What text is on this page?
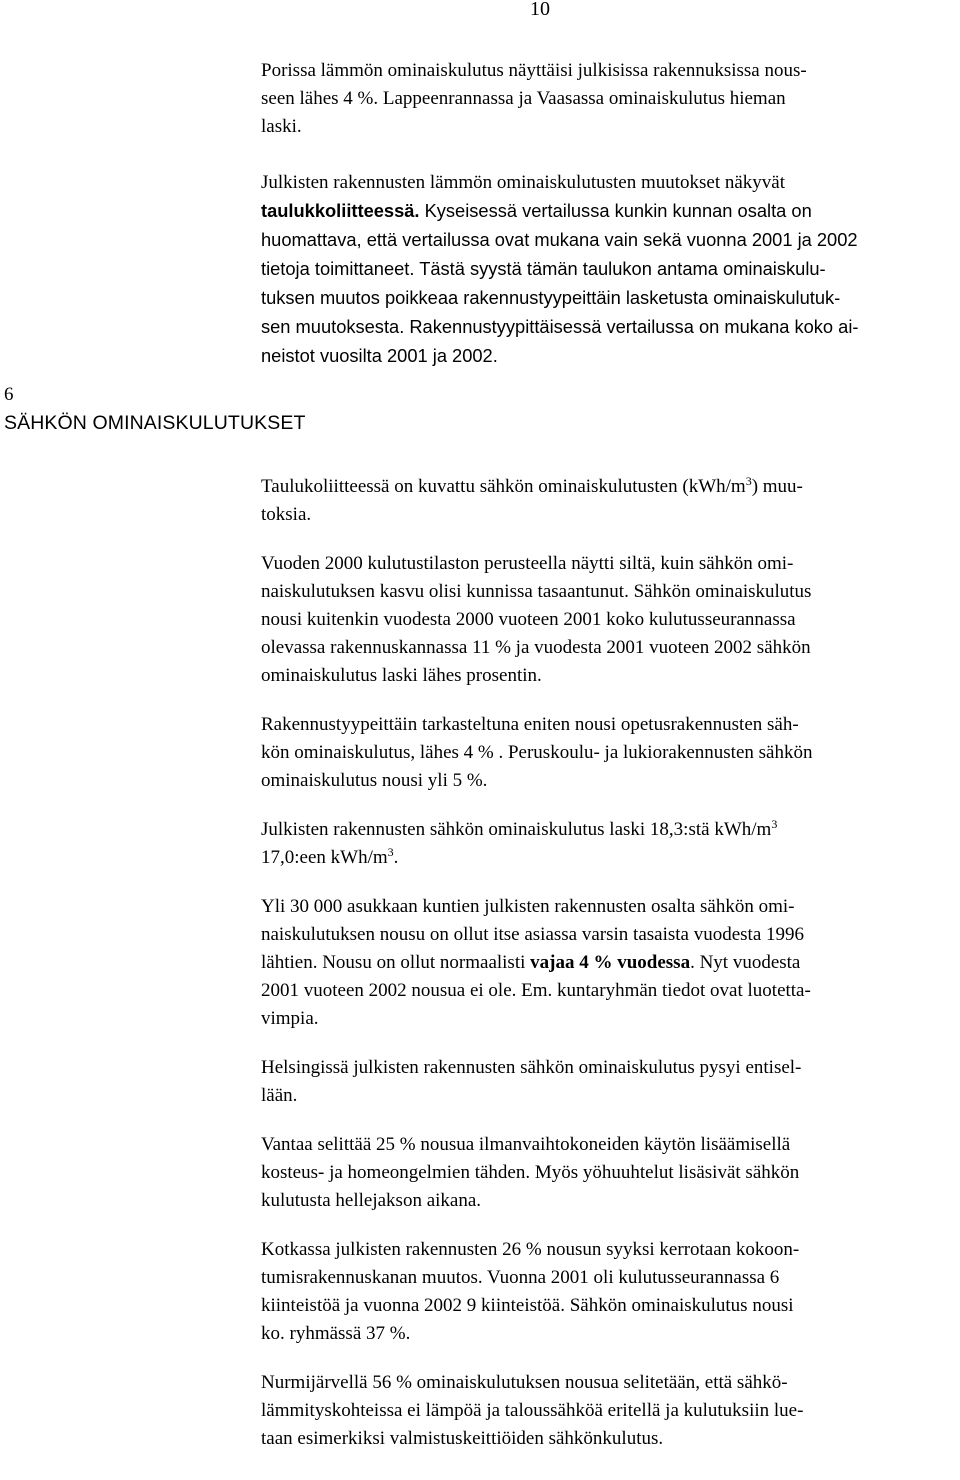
10
6
SÄHKÖN OMINAISKULUTUKSET

Porissa lämmön ominaiskulutus näyttäisi julkisissa rakennuksissa nous-
seen lähes 4 %. Lappeenrannassa ja Vaasassa ominaiskulutus hieman
laski.

Julkisten rakennusten lämmön ominaiskulutusten muutokset näkyvät
taulukkoliitteessä. Kyseisessä vertailussa kunkin kunnan osalta on
huomattava, että vertailussa ovat mukana vain sekä vuonna 2001 ja 2002
tietoja toimittaneet. Tästä syystä tämän taulukon antama ominaiskulu-
tuksen muutos poikkeaa rakennustyypeittäin lasketusta ominaiskulutuk-
sen muutoksesta. Rakennustyypittäisessä vertailussa on mukana koko ai-
neistot vuosilta 2001 ja 2002.

Taulukoliitteessä on kuvattu sähkön ominaiskulutusten $(kWh/m^3)$ muu-
toksia.

Vuoden 2000 kulutustilaston perusteella näytti siltä, kuin sähkön omi-
naiskulutuksen kasvu olisi kunnissa tasaantunut. Sähkön ominaiskulutus
nousi kuitenkin vuodesta 2000 vuoteen 2001 koko kulutusseurannassa
olevassa rakennuskannassa 11 % ja vuodesta 2001 vuoteen 2002 sähkön
ominaiskulutus laski lähes prosentin.

Rakennustyypeittäin tarkasteltuna eniten nousi opetusrakennusten säh-
kön ominaiskulutus, lähes 4 % . Peruskoulu- ja lukiorakennusten sähkön
ominaiskulutus nousi yli 5 %.

Julkisten rakennusten sähkön ominaiskulutus laski 18,3:stä kWh/$m^3$
17,0:een kWh/$m^3$.

Yli 30 000 asukkaan kuntien julkisten rakennusten osalta sähkön omi-
naiskulutuksen nousu on ollut itse asiassa varsin tasaista vuodesta 1996
lähtien. Nousu on ollut normaalisti vajaa 4 % vuodessa. Nyt vuodesta
2001 vuoteen 2002 nousua ei ole. Em. kuntaryhmän tiedot ovat luotetta-
vimpia.

Helsingissä julkisten rakennusten sähkön ominaiskulutus pysyi entisel-
lään.

Vantaa selittää 25 % nousua ilmanvaihtokoneiden käytön lisäämisellä
kosteus- ja homeongelmien tähden. Myös yöhuuhtelut lisäsivät sähkön
kulutusta hellejakson aikana.

Kotkassa julkisten rakennusten 26 % nousun syyksi kerrotaan kokoon-
tumisrakennuskanan muutos. Vuonna 2001 oli kulutusseurannassa 6
kiinteistöä ja vuonna 2002 9 kiinteistöä. Sähkön ominaiskulutus nousi
ko. ryhmässä 37 %.

Nurmijärvellä 56 % ominaiskulutuksen nousua selitetään, että sähkö-
lämmityskohteissa ei lämpöä ja taloussähköä eritellä ja kulutuksiin lue-
taan esimerkiksi valmistuskeittiöiden sähkönkulutus.
